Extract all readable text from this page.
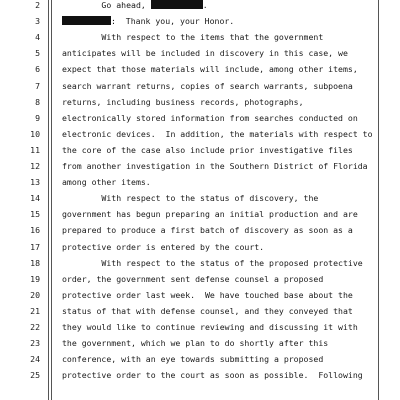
2	Go ahead,	.
3	:  Thank you, your Honor.
4	With respect to the items that the government
5	anticipates will be included in discovery in this case, we
6	expect that those materials will include, among other items,
7	search warrant returns, copies of search warrants, subpoena
8	returns, including business records, photographs,
9	electronically stored information from searches conducted on
10	electronic devices.  In addition, the materials with respect to
11	the core of the case also include prior investigative files
12	from another investigation in the Southern District of Florida
13	among other items.
14	With respect to the status of discovery, the
15	government has begun preparing an initial production and are
16	prepared to produce a first batch of discovery as soon as a
17	protective order is entered by the court.
18	With respect to the status of the proposed protective
19	order, the government sent defense counsel a proposed
20	protective order last week.  We have touched base about the
21	status of that with defense counsel, and they conveyed that
22	they would like to continue reviewing and discussing it with
23	the government, which we plan to do shortly after this
24	conference, with an eye towards submitting a proposed
25	protective order to the court as soon as possible.  Following
